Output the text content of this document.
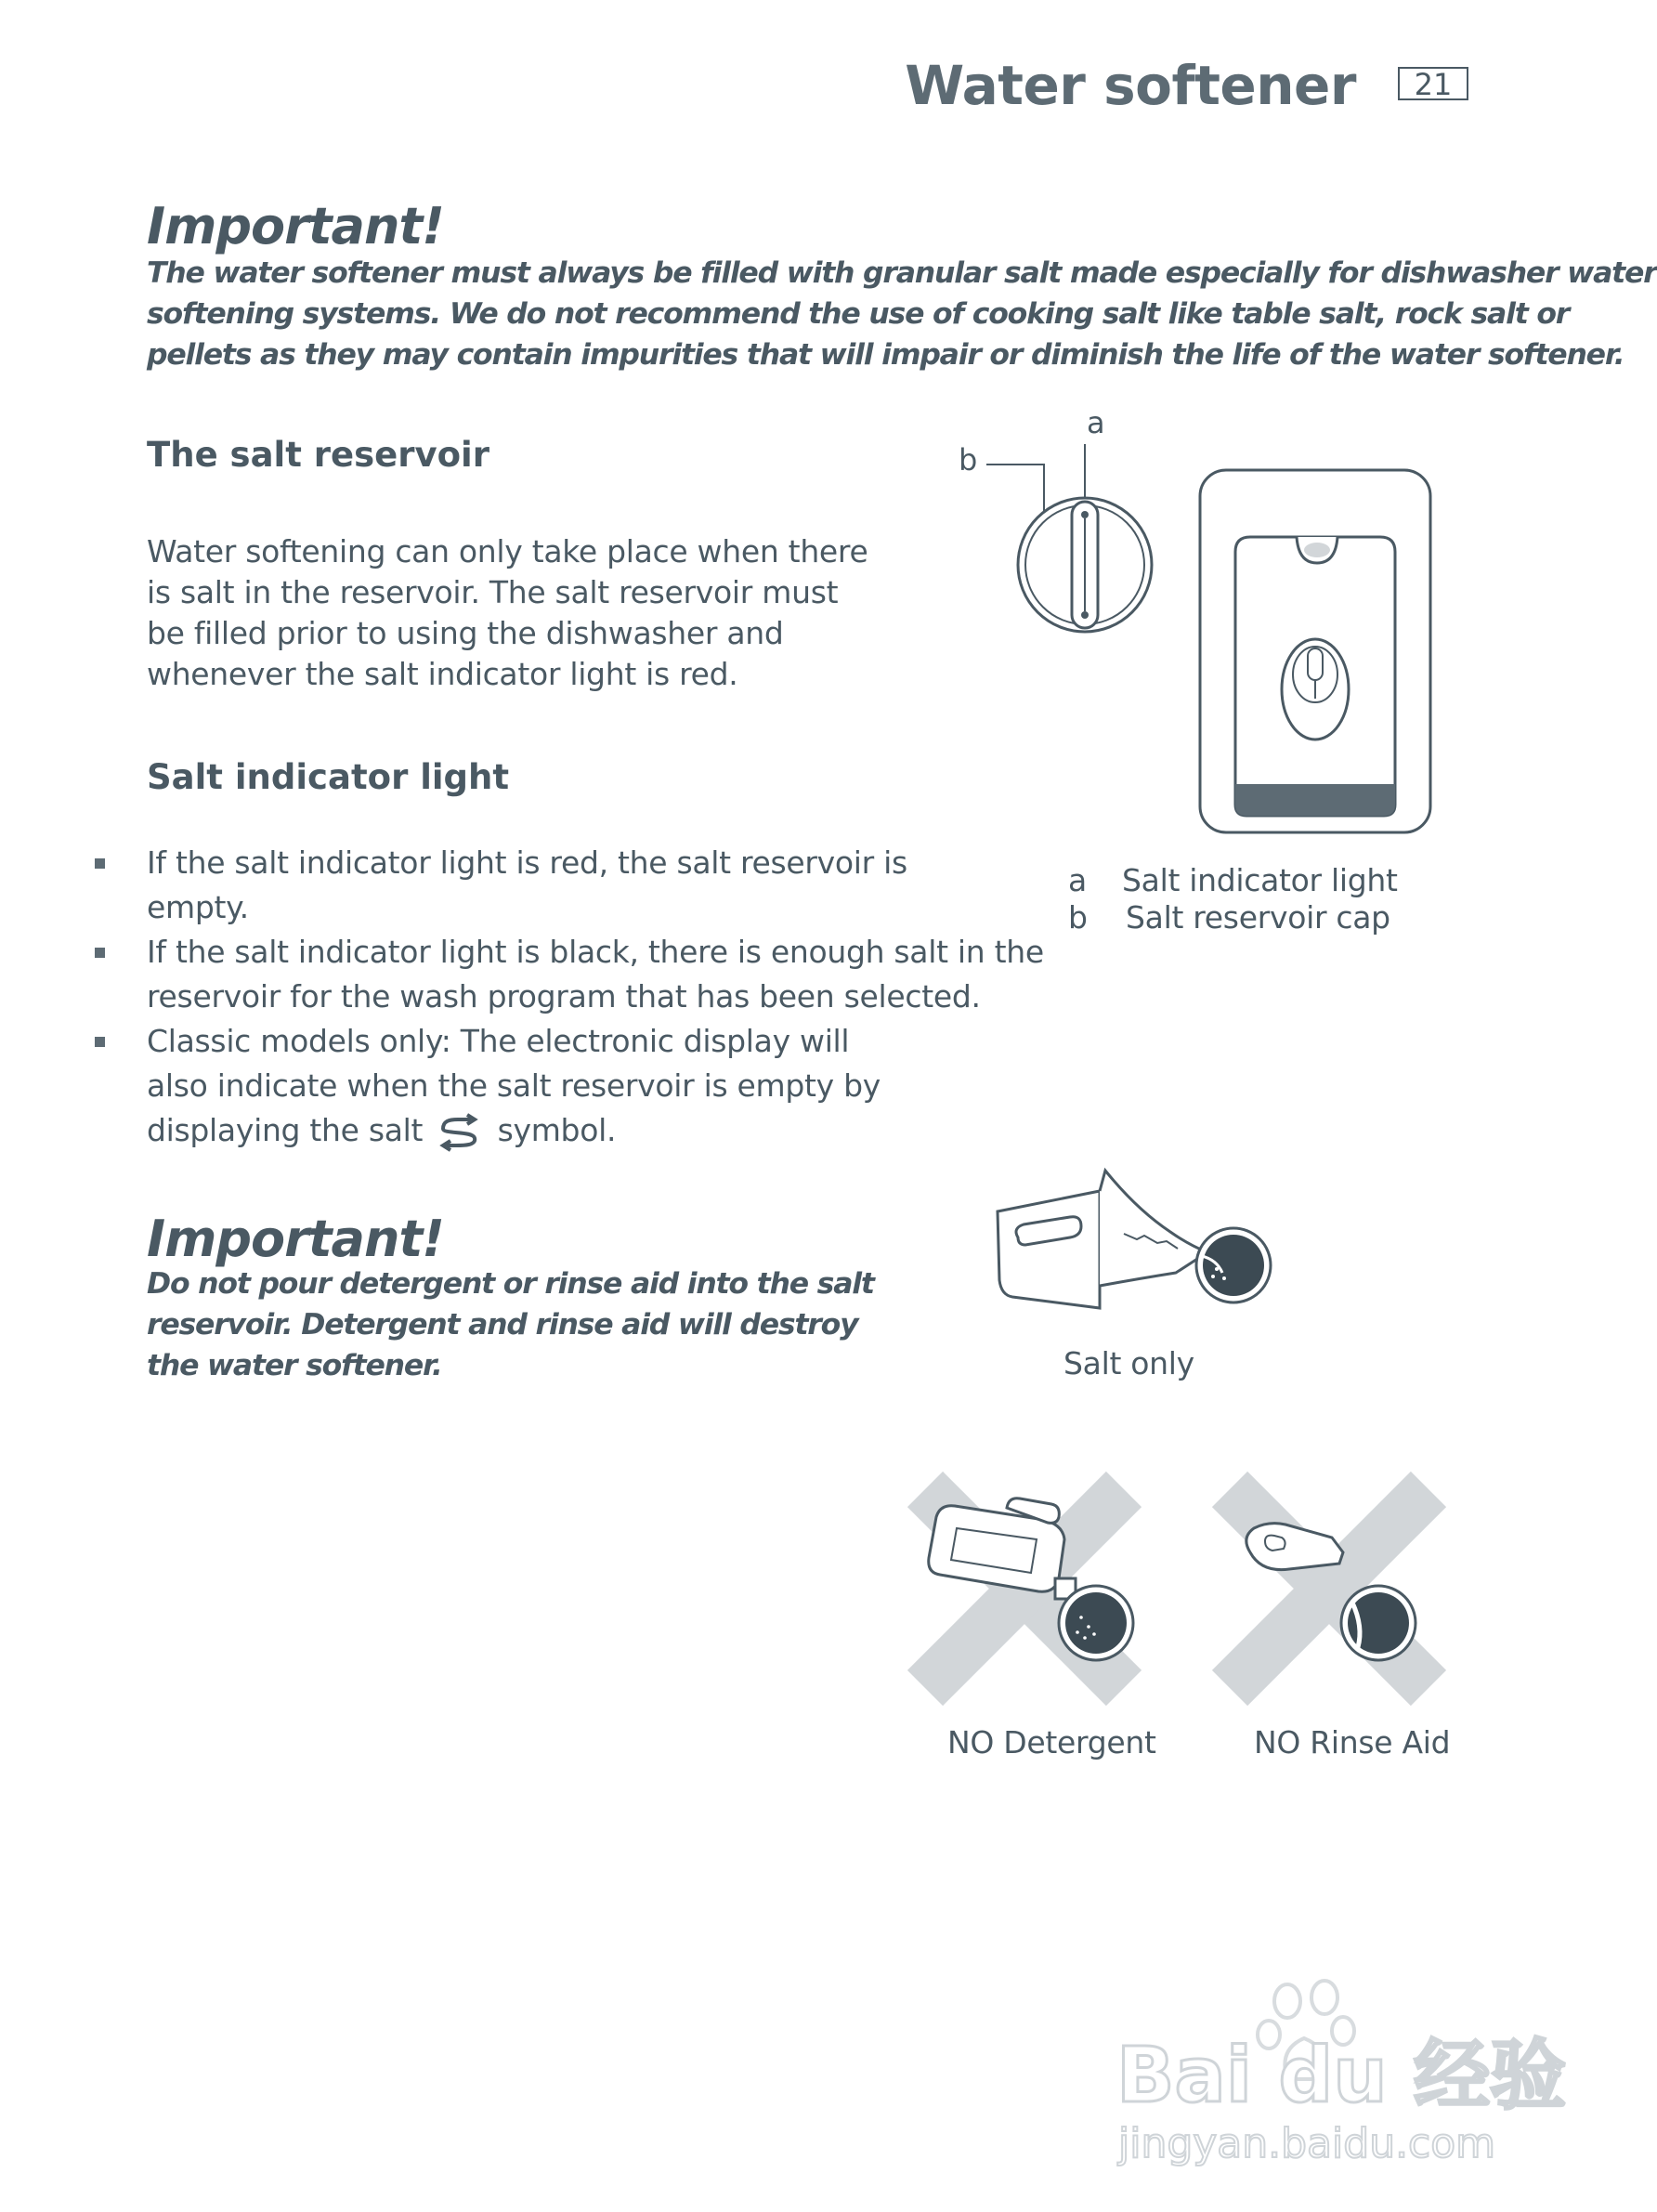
Water softener	21
Important!
The water softener must always be filled with granular salt made especially for dishwasher water
softening systems. We do not recommend the use of cooking salt like table salt, rock salt or
pellets as they may contain impurities that will impair or diminish the life of the water softener.
The salt reservoir
Water softening can only take place when there
is salt in the reservoir. The salt reservoir must
be filled prior to using the dishwasher and
whenever the salt indicator light is red.
Salt indicator light
If the salt indicator light is red, the salt reservoir is
empty.
If the salt indicator light is black, there is enough salt in the
reservoir for the wash program that has been selected.
Classic models only: The electronic display will
also indicate when the salt reservoir is empty by
displaying the salt symbol.
Important!
Do not pour detergent or rinse aid into the salt
reservoir. Detergent and rinse aid will destroy
the water softener.
a
b
a Salt indicator light
b Salt reservoir cap
Salt only
NO Detergent	NO Rinse Aid
Bai du 经验
jingyan.baidu.com
